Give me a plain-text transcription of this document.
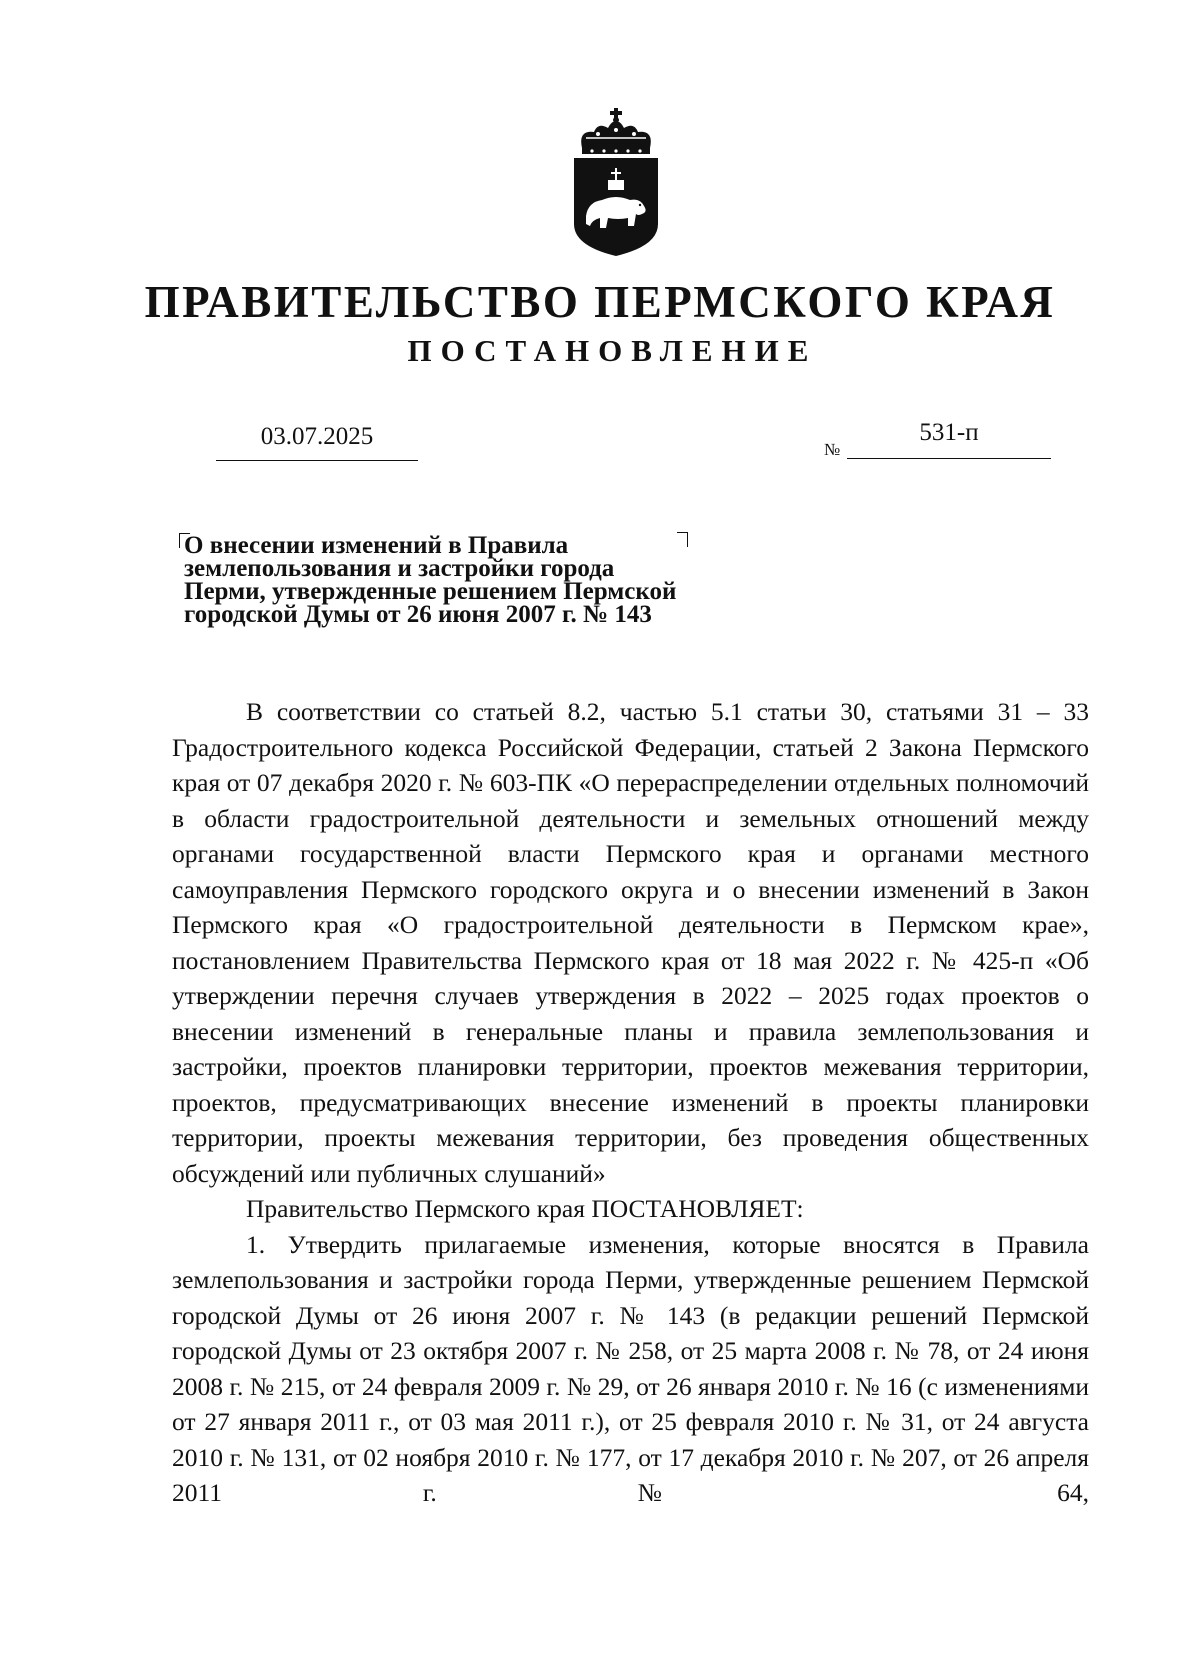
ПРАВИТЕЛЬСТВО ПЕРМСКОГО КРАЯ
ПОСТАНОВЛЕНИЕ
03.07.2025	№
531-п
О внесении изменений в Правила
землепользования и застройки города
Перми, утвержденные решением Пермской
городской Думы от 26 июня 2007 г. № 143

В соответствии со статьей 8.2, частью 5.1 статьи 30, статьями 31 – 33 Градостроительного кодекса Российской Федерации, статьей 2 Закона Пермского края от 07 декабря 2020 г. № 603-ПК «О перераспределении отдельных полномочий в области градостроительной деятельности и земельных отношений между органами государственной власти Пермского края и органами местного самоуправления Пермского городского округа и о внесении изменений в Закон Пермского края «О градостроительной деятельности в Пермском крае», постановлением Правительства Пермского края от 18 мая 2022 г. № 425-п «Об утверждении перечня случаев утверждения в 2022 – 2025 годах проектов о внесении изменений в генеральные планы и правила землепользования и застройки, проектов планировки территории, проектов межевания территории, проектов, предусматривающих внесение изменений в проекты планировки территории, проекты межевания территории, без проведения общественных обсуждений или публичных слушаний»

Правительство Пермского края ПОСТАНОВЛЯЕТ:

1. Утвердить прилагаемые изменения, которые вносятся в Правила землепользования и застройки города Перми, утвержденные решением Пермской городской Думы от 26 июня 2007 г. № 143 (в редакции решений Пермской городской Думы от 23 октября 2007 г. № 258, от 25 марта 2008 г. № 78, от 24 июня 2008 г. № 215, от 24 февраля 2009 г. № 29, от 26 января 2010 г. № 16 (с изменениями от 27 января 2011 г., от 03 мая 2011 г.), от 25 февраля 2010 г. № 31, от 24 августа 2010 г. № 131, от 02 ноября 2010 г. № 177, от 17 декабря 2010 г. № 207, от 26 апреля 2011 г. № 64,
